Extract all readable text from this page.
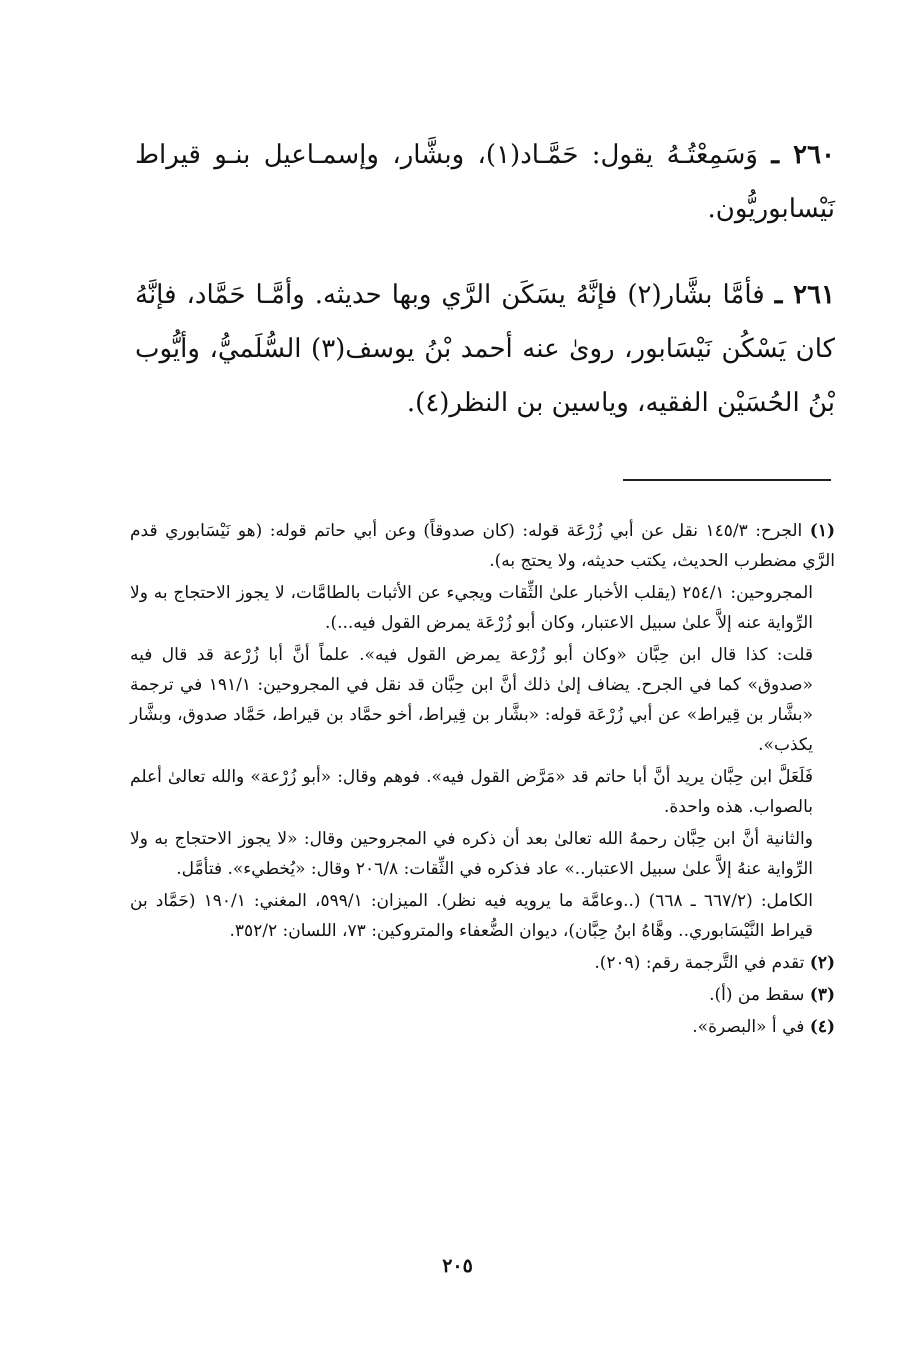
٢٦٠ ـ وَسَمِعْتُـهُ يقول: حَمَّـاد(١)، وبشَّار، وإسمـاعيل بنـو قيراط نَيْسابوريُّون.

٢٦١ ـ فأمَّا بشَّار(٢) فإنَّهُ يسَكَن الرَّي وبها حديثه. وأمَّـا حَمَّاد، فإنَّهُ كان يَسْكُن نَيْسَابور، روىٰ عنه أحمد بْنُ يوسف(٣) السُّلَميُّ، وأيُّوب بْنُ الحُسَيْن الفقيه، وياسين بن النظر(٤).

(١) الجرح: ١٤٥/٣ نقل عن أبي زُرْعَة قوله: (كان صدوقاً) وعن أبي حاتم قوله: (هو نَيْسَابوري قدم الرَّي مضطرب الحديث، يكتب حديثه، ولا يحتج به).

المجروحين: ٢٥٤/١ (يقلب الأخبار علىٰ الثِّقات ويجيء عن الأثبات بالطامَّات، لا يجوز الاحتجاج به ولا الرِّواية عنه إلاَّ علىٰ سبيل الاعتبار، وكان أبو زُرْعَة يمرض القول فيه...).

قلت: كذا قال ابن حِبَّان «وكان أبو زُرْعة يمرض القول فيه». علماً أنَّ أبا زُرْعة قد قال فيه «صدوق» كما في الجرح. يضاف إلىٰ ذلك أنَّ ابن حِبَّان قد نقل في المجروحين: ١٩١/١ في ترجمة «بشَّار بن قِيراط» عن أبي زُرْعَة قوله: «بشَّار بن قِيراط، أخو حمَّاد بن قيراط، حَمَّاد صدوق، وبشَّار يكذب».

فَلَعَلَّ ابن حِبَّان يريد أنَّ أبا حاتم قد «مَرَّض القول فيه». فوهم وقال: «أبو زُرْعة» والله تعالىٰ أعلم بالصواب. هذه واحدة.

والثانية أنَّ ابن حِبَّان رحمهُ الله تعالىٰ بعد أن ذكره في المجروحين وقال: «لا يجوز الاحتجاج به ولا الرِّواية عنهُ إلاَّ علىٰ سبيل الاعتبار..» عاد فذكره في الثِّقات: ٢٠٦/٨ وقال: «يُخطيء». فتأمَّل.

الكامل: (٦٦٧/٢ ـ ٦٦٨) (..وعامَّة ما يرويه فيه نظر). الميزان: ٥٩٩/١، المغني: ١٩٠/١ (حَمَّاد بن قيراط النَّيْسَابوري.. وهَّاهُ ابنُ حِبَّان)، ديوان الضُّعفاء والمتروكين: ٧٣، اللسان: ٣٥٢/٢.

(٢) تقدم في التَّرجمة رقم: (٢٠٩).

(٣) سقط من (أ).

(٤) في أ «البصرة».

٢٠٥
